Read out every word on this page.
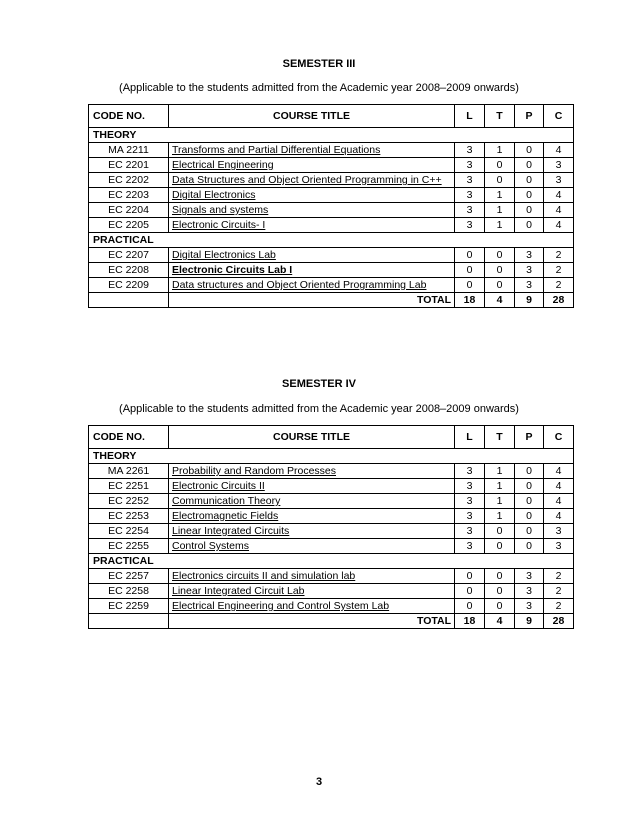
SEMESTER III
(Applicable to the students admitted from the Academic year 2008–2009 onwards)
CODE NO.	COURSE TITLE	L	T	P	C
THEORY					
MA 2211	Transforms and Partial Differential Equations	3	1	0	4
EC 2201	Electrical Engineering	3	0	0	3
EC 2202	Data Structures and Object Oriented Programming in C++	3	0	0	3
EC 2203	Digital Electronics	3	1	0	4
EC 2204	Signals and systems	3	1	0	4
EC 2205	Electronic Circuits- I	3	1	0	4
PRACTICAL					
EC 2207	Digital Electronics Lab	0	0	3	2
EC 2208	Electronic Circuits Lab I	0	0	3	2
EC 2209	Data structures and Object Oriented Programming Lab	0	0	3	2
	TOTAL	18	4	9	28
SEMESTER IV
(Applicable to the students admitted from the Academic year 2008–2009 onwards)
CODE NO.	COURSE TITLE	L	T	P	C
THEORY					
MA 2261	Probability and Random Processes	3	1	0	4
EC 2251	Electronic Circuits II	3	1	0	4
EC 2252	Communication Theory	3	1	0	4
EC 2253	Electromagnetic Fields	3	1	0	4
EC 2254	Linear Integrated Circuits	3	0	0	3
EC 2255	Control Systems	3	0	0	3
PRACTICAL					
EC 2257	Electronics circuits II and simulation lab	0	0	3	2
EC 2258	Linear Integrated Circuit Lab	0	0	3	2
EC 2259	Electrical Engineering and Control System Lab	0	0	3	2
	TOTAL	18	4	9	28
3
